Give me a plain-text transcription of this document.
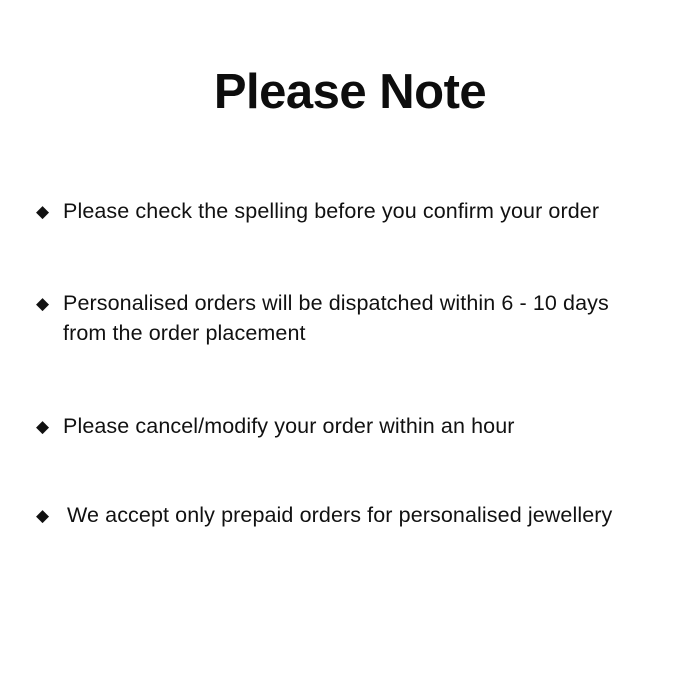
Please Note
◆ Please check the spelling before you confirm your order
◆ Personalised orders will be dispatched within 6 - 10 days
from the order placement
◆ Please cancel/modify your order within an hour
◆ We accept only prepaid orders for personalised jewellery
